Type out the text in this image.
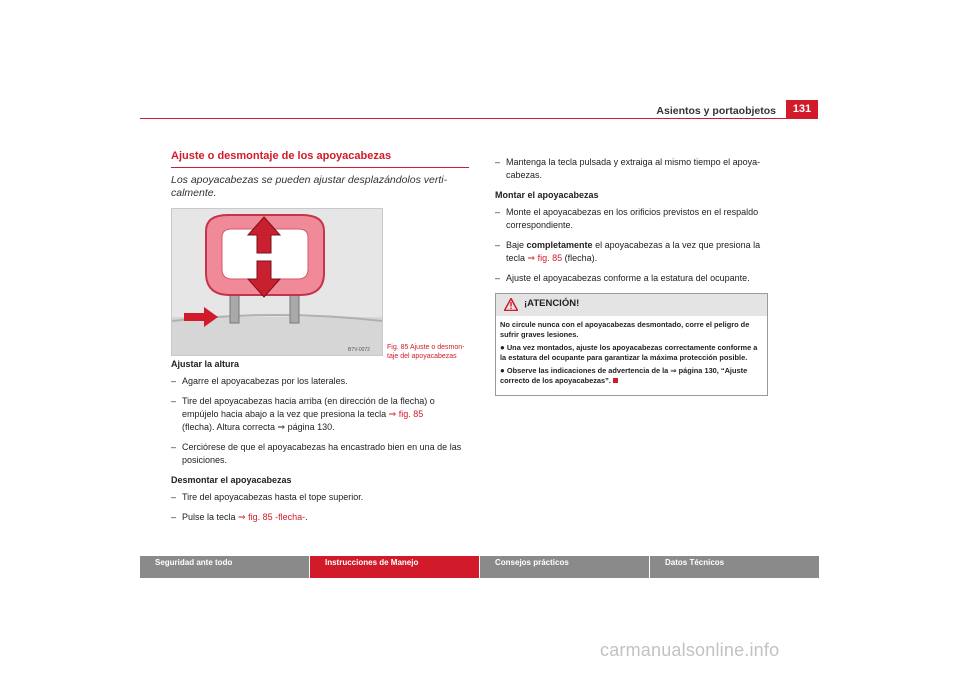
Asientos y portaobjetos	131
Ajuste o desmontaje de los apoyacabezas
Los apoyacabezas se pueden ajustar desplazándolos verti- calmente.
B7V-0072
Ajustar la altura
– Agarre el apoyacabezas por los laterales.
– Tire del apoyacabezas hacia arriba (en dirección de la flecha) o empújelo hacia abajo a la vez que presiona la tecla ⇒ fig. 85
(flecha). Altura correcta ⇒ página 130.
– Cerciórese de que el apoyacabezas ha encastrado bien en una de las posiciones.
Desmontar el apoyacabezas
– Tire del apoyacabezas hasta el tope superior.
– Pulse la tecla ⇒ fig. 85 -flecha-.
Fig. 85 Ajuste o desmon- taje del apoyacabezas
– Mantenga la tecla pulsada y extraiga al mismo tiempo el apoya- cabezas.
Montar el apoyacabezas
– Monte el apoyacabezas en los orificios previstos en el respaldo correspondiente.
– Baje completamente el apoyacabezas a la vez que presiona la tecla ⇒ fig. 85 (flecha).
– Ajuste el apoyacabezas conforme a la estatura del ocupante.
¡ATENCIÓN!

No circule nunca con el apoyacabezas desmontado, corre el peligro de sufrir graves lesiones.

● Una vez montados, ajuste los apoyacabezas correctamente conforme a la estatura del ocupante para garantizar la máxima protección posible.

● Observe las indicaciones de advertencia de la ⇒ página 130, “Ajuste correcto de los apoyacabezas”.

Seguridad ante todo	Instrucciones de Manejo	Consejos prácticos	Datos Técnicos
carmanualsonline.info
